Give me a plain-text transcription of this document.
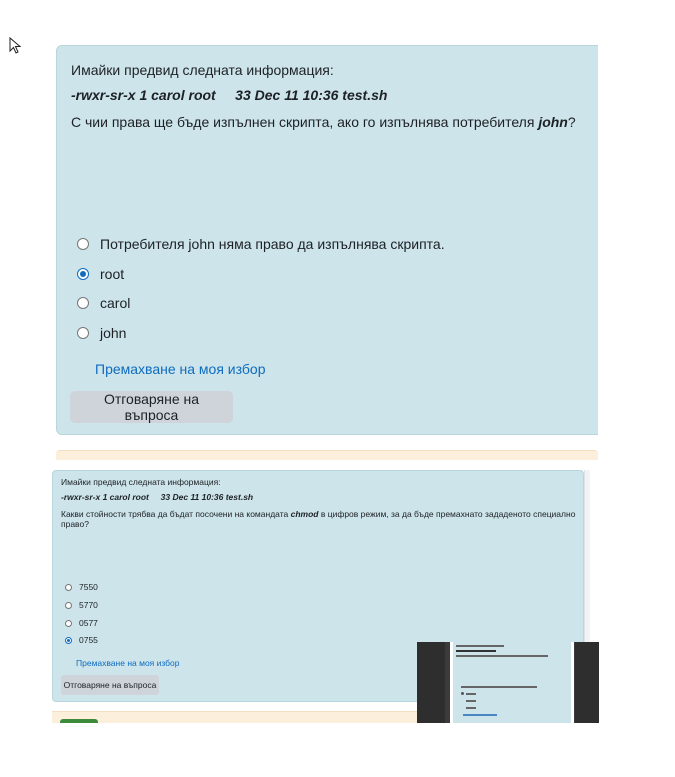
Имайки предвид следната информация:
-rwxr-sr-x 1 carol root     33 Dec 11 10:36 test.sh
С чии права ще бъде изпълнен скрипта, ако го изпълнява потребителя john?
Потребителя john няма право да изпълнява скрипта.
root
carol
john
Премахване на моя избор
Отговаряне на въпроса
Имайки предвид следната информация:
-rwxr-sr-x 1 carol root     33 Dec 11 10:36 test.sh
Какви стойности трябва да бъдат посочени на командата chmod в цифров режим, за да бъде премахнато зададеното специално право?
7550
5770
0577
0755
Премахване на моя избор
Отговаряне на въпроса
